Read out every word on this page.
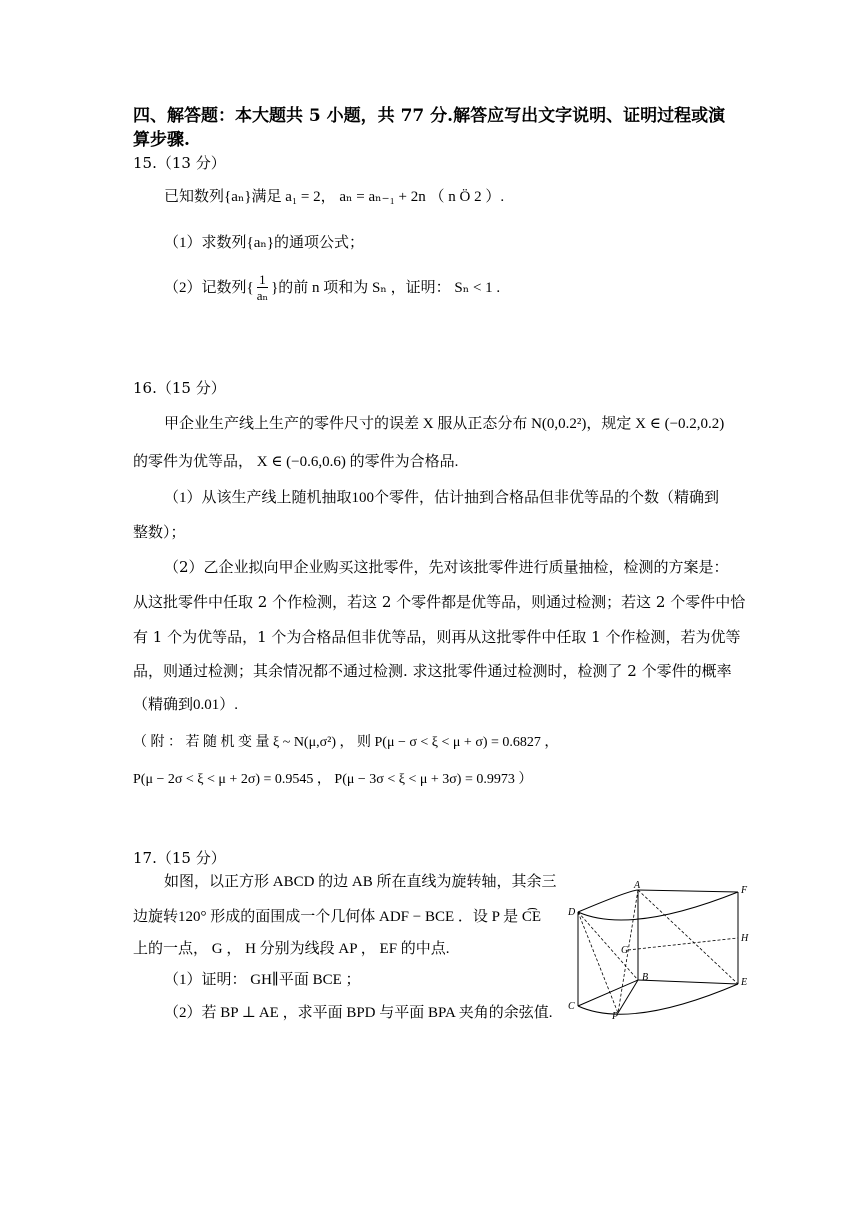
四、解答题：本大题共 5 小题，共 77 分.解答应写出文字说明、证明过程或演
算步骤.
15.（13 分）
已知数列{aₙ}满足 a₁ = 2， aₙ = aₙ₋₁ + 2n （ n Ö 2 ）.
（1）求数列{aₙ}的通项公式；
（2）记数列{ $\frac{1}{\text{aₙ}}$ }的前 n 项和为 Sₙ ，证明： Sₙ < 1 .
16.（15 分）
甲企业生产线上生产的零件尺寸的误差 X 服从正态分布 N(0,0.2²)，规定 X ∈ (−0.2,0.2)
的零件为优等品， X ∈ (−0.6,0.6) 的零件为合格品.
（1）从该生产线上随机抽取100个零件，估计抽到合格品但非优等品的个数（精确到
整数）；
（2）乙企业拟向甲企业购买这批零件，先对该批零件进行质量抽检，检测的方案是：
从这批零件中任取 2 个作检测，若这 2 个零件都是优等品，则通过检测；若这 2 个零件中恰
有 1 个为优等品，1 个为合格品但非优等品，则再从这批零件中任取 1 个作检测，若为优等
品，则通过检测；其余情况都不通过检测. 求这批零件通过检测时，检测了 2 个零件的概率
（精确到0.01）.
（ 附 ： 若 随 机 变 量 ξ ~ N(μ,σ²) ， 则 P(μ − σ < ξ < μ + σ) = 0.6827 ，
P(μ − 2σ < ξ < μ + 2σ) = 0.9545 ， P(μ − 3σ < ξ < μ + 3σ) = 0.9973 ）
17.（15 分）
如图，以正方形 ABCD 的边 AB 所在直线为旋转轴，其余三
边旋转120° 形成的面围成一个几何体 ADF − BCE ．设 P 是 C͡E
上的一点， G ， H 分别为线段 AP ， EF 的中点.
（1）证明： GH∥平面 BCE ；
（2）若 BP ⊥ AE ，求平面 BPD 与平面 BPA 夹角的余弦值.
A	F
D
G
H
B	E
C
P
